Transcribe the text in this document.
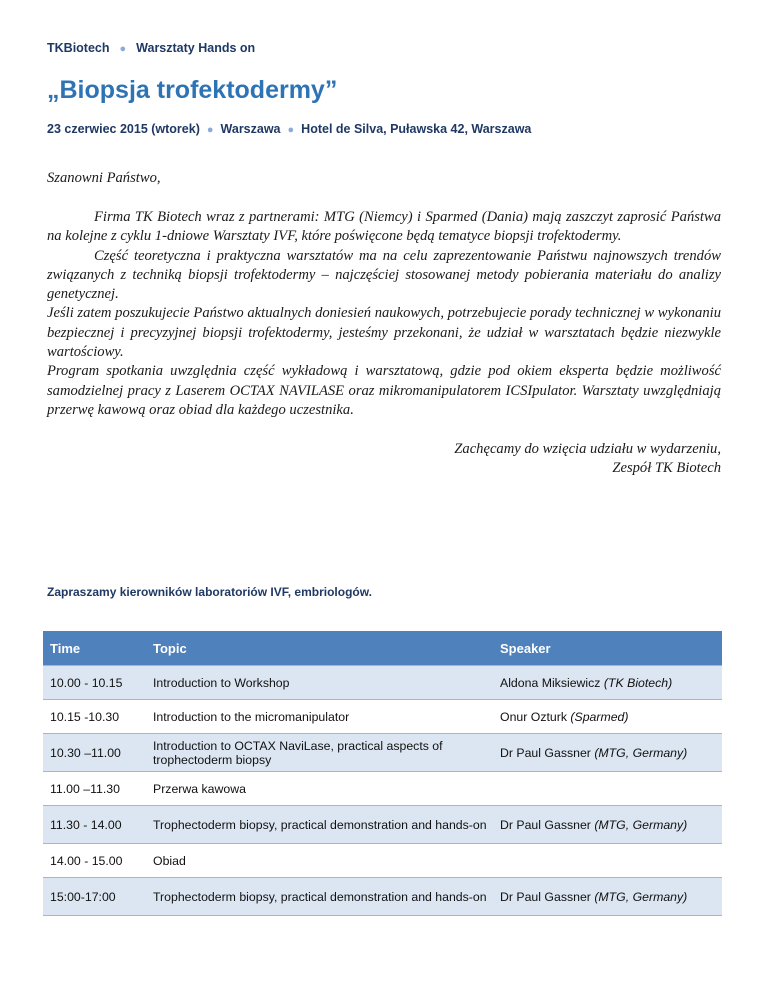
TKBiotech ● Warsztaty Hands on
„Biopsja trofektodermy”
23 czerwiec 2015 (wtorek) ● Warszawa ● Hotel de Silva, Puławska 42, Warszawa
Szanowni Państwo,

Firma TK Biotech wraz z partnerami: MTG (Niemcy) i Sparmed (Dania) mają zaszczyt zaprosić Państwa na kolejne z cyklu 1-dniowe Warsztaty IVF, które poświęcone będą tematyce biopsji trofektodermy.

Część teoretyczna i praktyczna warsztatów ma na celu zaprezentowanie Państwu najnowszych trendów związanych z techniką biopsji trofektodermy – najczęściej stosowanej metody pobierania materiału do analizy genetycznej.

Jeśli zatem poszukujecie Państwo aktualnych doniesień naukowych, potrzebujecie porady technicznej w wykonaniu bezpiecznej i precyzyjnej biopsji trofektodermy, jesteśmy przekonani, że udział w warsztatach będzie niezwykle wartościowy.

Program spotkania uwzględnia część wykładową i warsztatową, gdzie pod okiem eksperta będzie możliwość samodzielnej pracy z Laserem OCTAX NAVILASE oraz mikromanipulatorem ICSIpulator. Warsztaty uwzględniają przerwę kawową oraz obiad dla każdego uczestnika.

Zachęcamy do wzięcia udziału w wydarzeniu,
Zespół TK Biotech
Zapraszamy kierowników laboratoriów IVF, embriologów.
Time	Topic	Speaker
10.00 - 10.15	Introduction to Workshop	Aldona Miksiewicz (TK Biotech)
10.15 -10.30	Introduction to the micromanipulator	Onur Ozturk (Sparmed)
10.30 –11.00	Introduction to OCTAX NaviLase, practical aspects of trophectoderm biopsy	Dr Paul Gassner (MTG, Germany)
11.00 –11.30	Przerwa kawowa	
11.30 - 14.00	Trophectoderm biopsy, practical demonstration and hands-on	Dr Paul Gassner (MTG, Germany)
14.00 - 15.00	Obiad	
15:00-17:00	Trophectoderm biopsy, practical demonstration and hands-on	Dr Paul Gassner (MTG, Germany)
